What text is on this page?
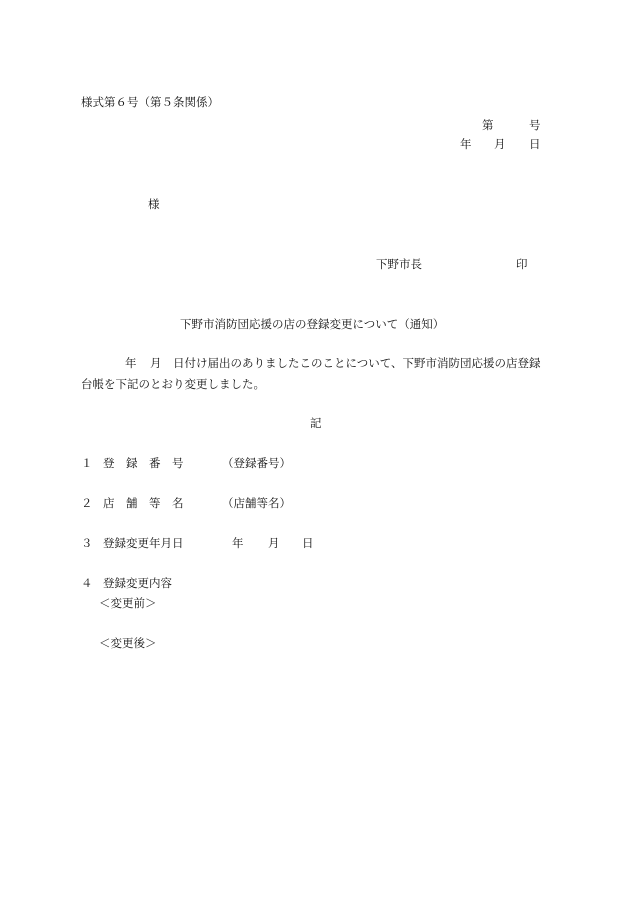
様式第６号（第５条関係）
第	号
年 月 日
様
下野市長	印
下野市消防団応援の店の登録変更について（通知）
年 月 日付け届出のありましたこのことについて、下野市消防団応援の店登録
台帳を下記のとおり変更しました。
記
１ 登　録　番　号	（登録番号）
２ 店　舗　等　名	（店舗等名）
３ 登録変更年月日	年 月 日
４ 登録変更内容
＜変更前＞
＜変更後＞
